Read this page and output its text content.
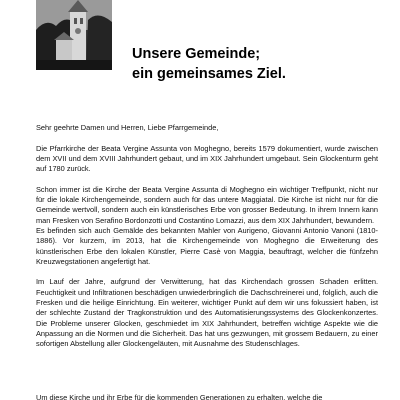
Unsere Gemeinde;
ein gemeinsames Ziel.

Sehr geehrte Damen und Herren, Liebe Pfarrgemeinde,

Die Pfarrkirche der Beata Vergine Assunta von Moghegno, bereits 1579 dokumentiert, wurde zwischen dem XVII und dem XVIII Jahrhundert gebaut, und im XIX Jahrhundert umgebaut. Sein Glockenturm geht auf 1780 zurück.

Schon immer ist die Kirche der Beata Vergine Assunta di Moghegno ein wichtiger Treffpunkt, nicht nur für die lokale Kirchengemeinde, sondern auch für das untere Maggiatal. Die Kirche ist nicht nur für die Gemeinde wertvoll, sondern auch ein künstlerisches Erbe von grosser Bedeutung. In ihrem Innern kann man Fresken von Serafino Bordonzotti und Costantino Lomazzi, aus dem XIX Jahrhundert, bewundern.

Es befinden sich auch Gemälde des bekannten Mahler von Aurigeno, Giovanni Antonio Vanoni (1810-1886). Vor kurzem, im 2013, hat die Kirchengemeinde von Moghegno die Erweiterung des künstlerischen Erbe den lokalen Künstler, Pierre Casè von Maggia, beauftragt, welcher die fünfzehn Kreuzwegstationen angefertigt hat.

Im Lauf der Jahre, aufgrund der Verwitterung, hat das Kirchendach grossen Schaden erlitten. Feuchtigkeit und Infiltrationen beschädigen unwiederbringlich die Dachschreinerei und, folglich, auch die Fresken und die heilige Einrichtung. Ein weiterer, wichtiger Punkt auf dem wir uns fokussiert haben, ist der schlechte Zustand der Tragkonstruktion und des Automatisierungssystems des Glockenkonzertes. Die Probleme unserer Glocken, geschmiedet im XIX Jahrhundert, betreffen wichtige Aspekte wie die Anpassung an die Normen und die Sicherheit. Das hat uns gezwungen, mit grossem Bedauern, zu einer sofortigen Abstellung aller Glockengeläuten, mit Ausnahme des Studenschlages.

Um diese Kirche und ihr Erbe für die kommenden Generationen zu erhalten, welche die
